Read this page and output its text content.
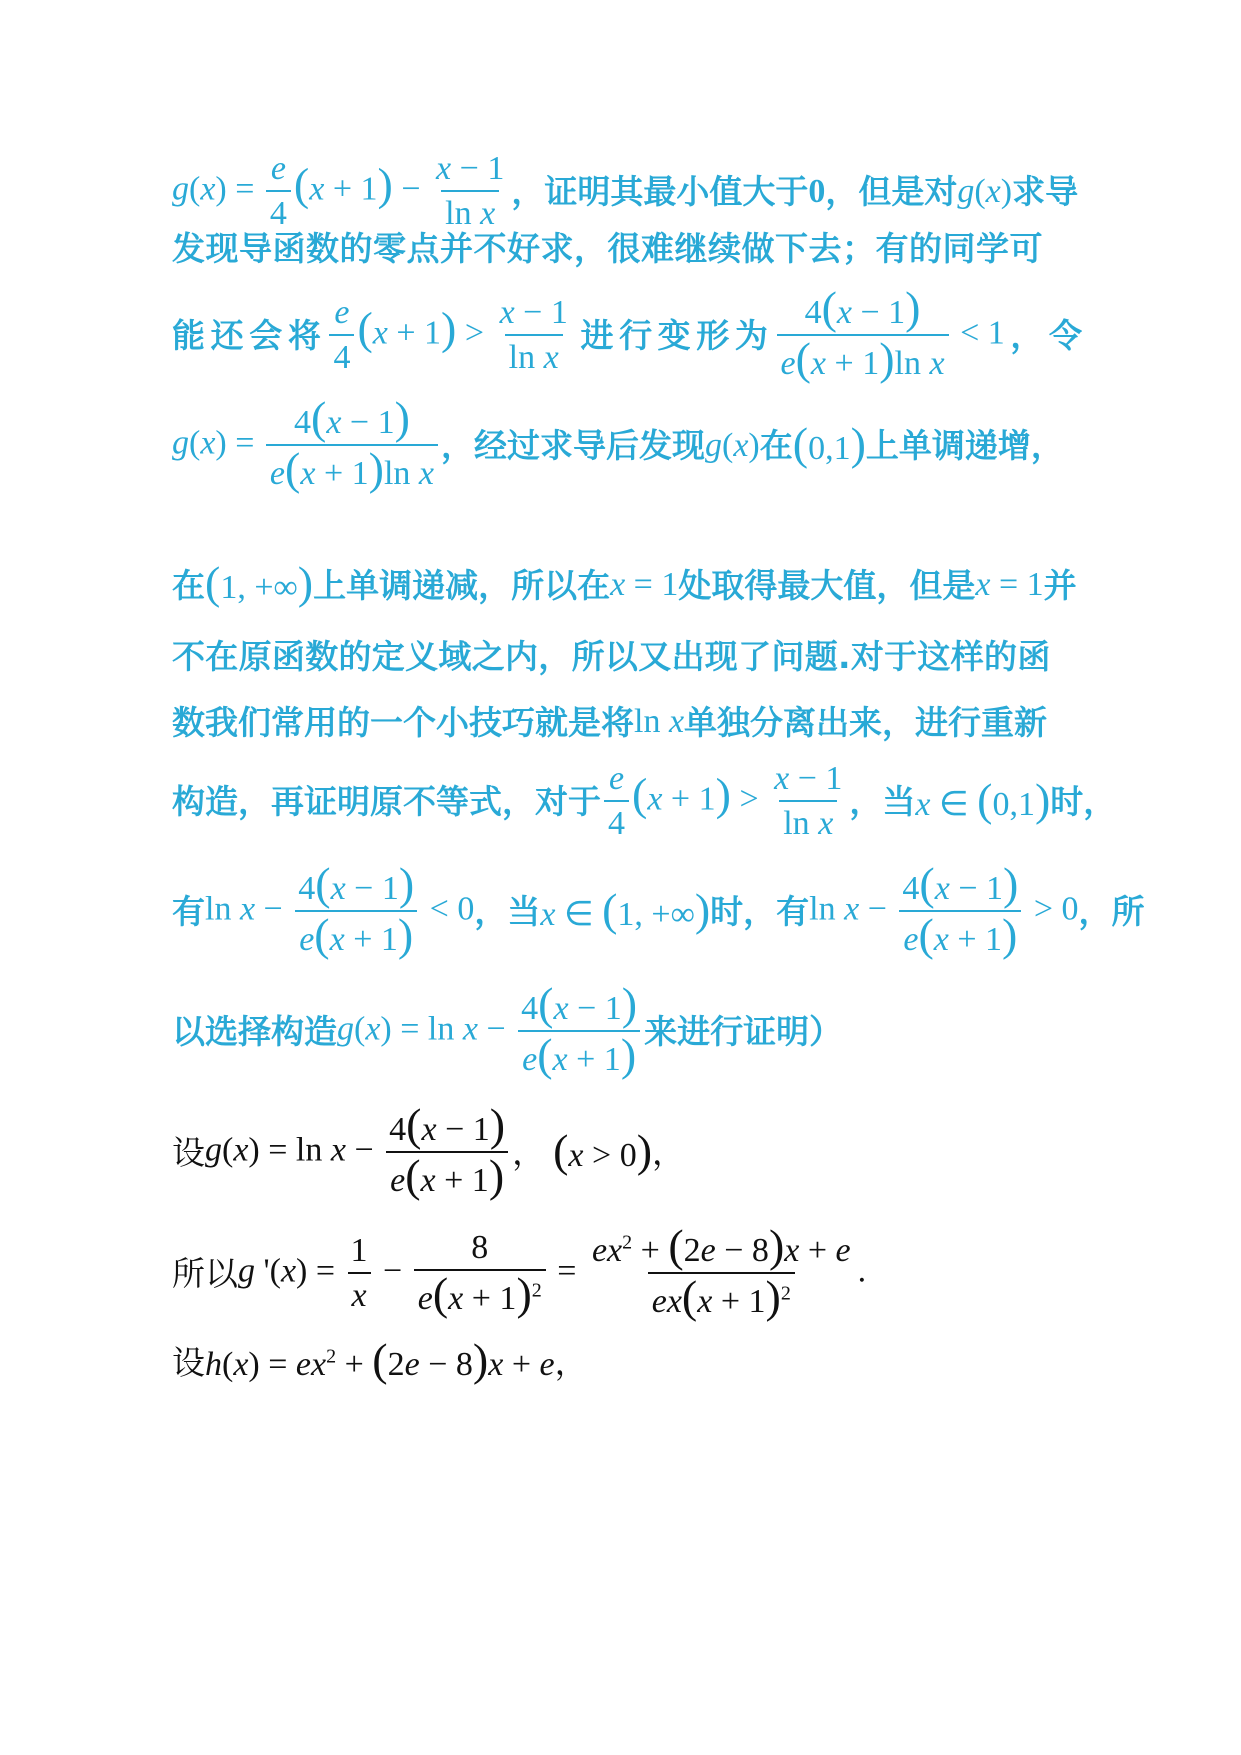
$g(x) = \frac{e}{4} (x + 1) - \frac{x - 1}{\text{ln x}}$ ，证明其最小值大于 0 ，但是对 g(x) 求导
发现导函数的零点并不好求，很难继续做下去；有的同学可
能 还 会 将 $\frac{e}{4} (x + 1) > \frac{x - 1}{\text{ln x}}$ 进 行 变 形 为 $\frac{4(x - 1)}{\text{e(x + 1)ln x}} < 1$ ， 令
$g(x) = \frac{4(x - 1)}{\text{e(x + 1)ln x}}$ ，经过求导后发现 g(x) 在 (0,1) 上单调递增，
在 (1, +∞) 上单调递减，所以在 x = 1 处取得最大值，但是 x = 1 并
不在原函数的定义域之内，所以又出现了问题.对于这样的函
数我们常用的一个小技巧就是将 ln x 单独分离出来，进行重新
构造，再证明原不等式，对于 $\frac{e}{4} (x + 1) > \frac{x - 1}{\text{ln x}}$ ，当 x ∈ (0,1) 时，
有 $\ln x - \frac{4(x - 1)}{e(x + 1)} < 0$ ，当 x ∈ (1, +∞) 时，有 $\ln x - \frac{4(x - 1)}{e(x + 1)} > 0$ ，所
以选择构造 $g(x) = \ln x - \frac{4(x - 1)}{e(x + 1)}$ 来进行证明）
设 $g(x) = \ln x - \frac{4(x - 1)}{e(x + 1)}$ ， (x > 0) ，
所以 g '$(x) = \frac{1}{x} - \frac{8}{e(x + 1)^2} = \frac{ex^2 + (2e - 8)x + e}{ex(x + 1)^2}$ .
设 $h(x) = ex^2 + (2e - 8)x + e$ ，
